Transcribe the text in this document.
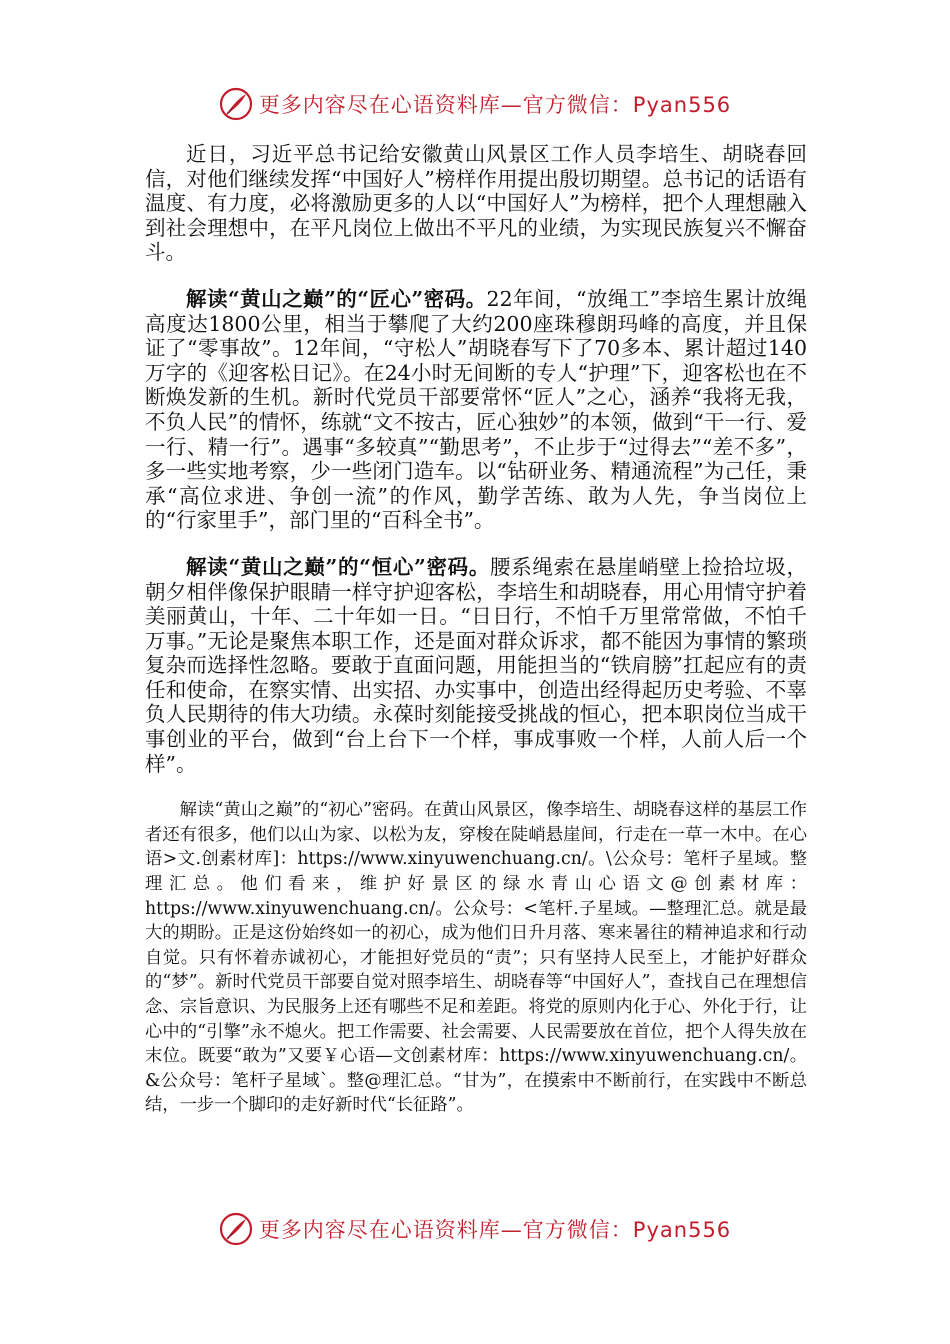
更多内容尽在心语资料库—官方微信：Pyan556

近日，习近平总书记给安徽黄山风景区工作人员李培生、胡晓春回信，对他们继续发挥“中国好人”榜样作用提出殷切期望。总书记的话语有温度、有力度，必将激励更多的人以“中国好人”为榜样，把个人理想融入到社会理想中，在平凡岗位上做出不平凡的业绩，为实现民族复兴不懈奋斗。

解读“黄山之巅”的“匠心”密码。22年间，“放绳工”李培生累计放绳高度达1800公里，相当于攀爬了大约200座珠穆朗玛峰的高度，并且保证了“零事故”。12年间，“守松人”胡晓春写下了70多本、累计超过140万字的《迎客松日记》。在24小时无间断的专人“护理”下，迎客松也在不断焕发新的生机。新时代党员干部要常怀“匠人”之心，涵养“我将无我，不负人民”的情怀，练就“文不按古，匠心独妙”的本领，做到“干一行、爱一行、精一行”。遇事“多较真”“勤思考”，不止步于“过得去”“差不多”，多一些实地考察，少一些闭门造车。以“钻研业务、精通流程”为己任，秉承“高位求进、争创一流”的作风，勤学苦练、敢为人先，争当岗位上的“行家里手”，部门里的“百科全书”。

解读“黄山之巅”的“恒心”密码。腰系绳索在悬崖峭壁上捡拾垃圾，朝夕相伴像保护眼睛一样守护迎客松，李培生和胡晓春，用心用情守护着美丽黄山，十年、二十年如一日。“日日行，不怕千万里常常做，不怕千万事。”无论是聚焦本职工作，还是面对群众诉求，都不能因为事情的繁琐复杂而选择性忽略。要敢于直面问题，用能担当的“铁肩膀”扛起应有的责任和使命，在察实情、出实招、办实事中，创造出经得起历史考验、不辜负人民期待的伟大功绩。永葆时刻能接受挑战的恒心，把本职岗位当成干事创业的平台，做到“台上台下一个样，事成事败一个样，人前人后一个样”。

解读“黄山之巅”的“初心”密码。在黄山风景区，像李培生、胡晓春这样的基层工作者还有很多，他们以山为家、以松为友，穿梭在陡峭悬崖间，行走在一草一木中。在心语>文.创素材库]：https://www.xinyuwenchuang.cn/。\公众号：笔杆子星域。整理汇总。他们看来，维护好景区的绿水青山心语文@创素材库：https://www.xinyuwenchuang.cn/。公众号：<笔杆.子星域。—整理汇总。就是最大的期盼。正是这份始终如一的初心，成为他们日升月落、寒来暑往的精神追求和行动自觉。只有怀着赤诚初心，才能担好党员的“责”；只有坚持人民至上，才能护好群众的“梦”。新时代党员干部要自觉对照李培生、胡晓春等“中国好人”，查找自己在理想信念、宗旨意识、为民服务上还有哪些不足和差距。将党的原则内化于心、外化于行，让心中的“引擎”永不熄火。把工作需要、社会需要、人民需要放在首位，把个人得失放在末位。既要“敢为”又要￥心语—文创素材库：https://www.xinyuwenchuang.cn/。&公众号：笔杆子星域`。整@理汇总。“甘为”，在摸索中不断前行，在实践中不断总结，一步一个脚印的走好新时代“长征路”。

更多内容尽在心语资料库—官方微信：Pyan556
